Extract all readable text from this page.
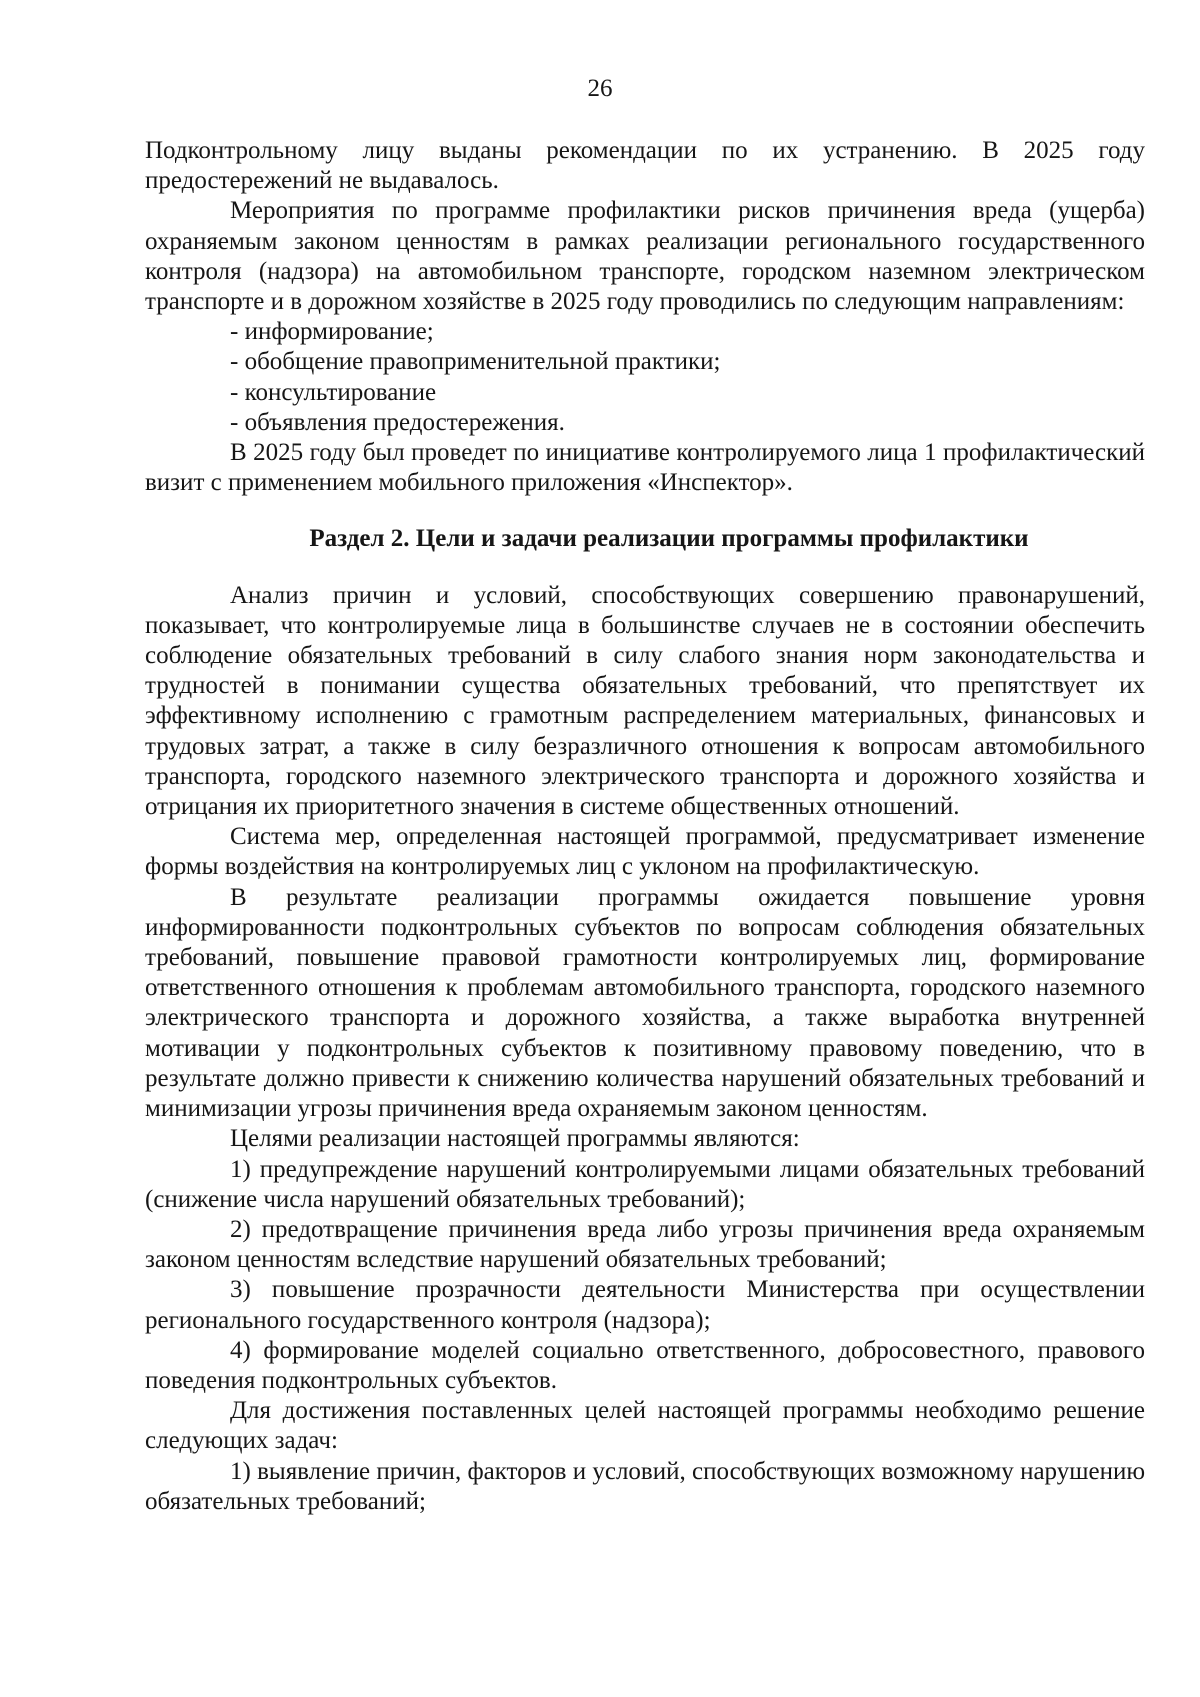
26

Подконтрольному лицу выданы рекомендации по их устранению. В 2025 году предостережений не выдавалось.

Мероприятия по программе профилактики рисков причинения вреда (ущерба) охраняемым законом ценностям в рамках реализации регионального государственного контроля (надзора) на автомобильном транспорте, городском наземном электрическом транспорте и в дорожном хозяйстве в 2025 году проводились по следующим направлениям:

- информирование;

- обобщение правоприменительной практики;

- консультирование

- объявления предостережения.

В 2025 году был проведет по инициативе контролируемого лица 1 профилактический визит с применением мобильного приложения «Инспектор».

Раздел 2. Цели и задачи реализации программы профилактики

Анализ причин и условий, способствующих совершению правонарушений, показывает, что контролируемые лица в большинстве случаев не в состоянии обеспечить соблюдение обязательных требований в силу слабого знания норм законодательства и трудностей в понимании существа обязательных требований, что препятствует их эффективному исполнению с грамотным распределением материальных, финансовых и трудовых затрат, а также в силу безразличного отношения к вопросам автомобильного транспорта, городского наземного электрического транспорта и дорожного хозяйства и отрицания их приоритетного значения в системе общественных отношений.

Система мер, определенная настоящей программой, предусматривает изменение формы воздействия на контролируемых лиц с уклоном на профилактическую.

В результате реализации программы ожидается повышение уровня информированности подконтрольных субъектов по вопросам соблюдения обязательных требований, повышение правовой грамотности контролируемых лиц, формирование ответственного отношения к проблемам автомобильного транспорта, городского наземного электрического транспорта и дорожного хозяйства, а также выработка внутренней мотивации у подконтрольных субъектов к позитивному правовому поведению, что в результате должно привести к снижению количества нарушений обязательных требований и минимизации угрозы причинения вреда охраняемым законом ценностям.

Целями реализации настоящей программы являются:

1) предупреждение нарушений контролируемыми лицами обязательных требований (снижение числа нарушений обязательных требований);

2) предотвращение причинения вреда либо угрозы причинения вреда охраняемым законом ценностям вследствие нарушений обязательных требований;

3) повышение прозрачности деятельности Министерства при осуществлении регионального государственного контроля (надзора);

4) формирование моделей социально ответственного, добросовестного, правового поведения подконтрольных субъектов.

Для достижения поставленных целей настоящей программы необходимо решение следующих задач:

1) выявление причин, факторов и условий, способствующих возможному нарушению обязательных требований;
